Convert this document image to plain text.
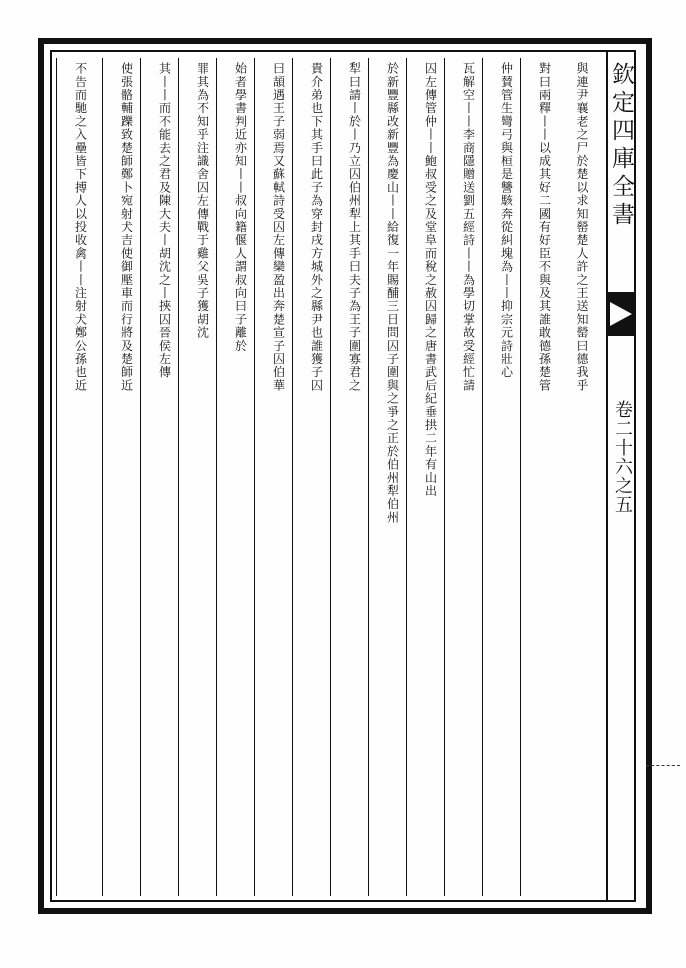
欽定四庫全書
卷二十六之五
與連尹襄老之尸於楚以求知罃楚人許之王送知罃曰德我乎
對曰兩釋丨丨以成其好二國有好臣不與及其誰敢德孫楚管
仲賛管生彎弓與桓是讐駭奔從糾塊為丨丨抑宗元詩壯心
瓦解空丨丨李商隱贈送劉五經詩丨丨為學切掌故受經忙請
囚左傳管仲丨丨鮑叔受之及堂阜而稅之赦囚歸之唐書武后紀垂拱二年有山出
於新豐縣改新豐為慶山丨丨給復一年賜酺三日問囚子圍與之爭之正於伯州犁伯州
犁曰請丨於丨乃立囚伯州犁上其手曰夫子為王子圍寡君之
貴介弟也下其手曰此子為穿封戌方城外之縣尹也誰獲子囚
曰頡遇王子弱焉又蘇軾詩受囚左傳欒盈出奔楚宣子囚伯華
始者學書判近亦知丨丨叔向籍偃人謂叔向曰子離於
罪其為不知乎注識舍囚左傳戰于雞父吳子獲胡沈
其丨丨而不能去之君及陳大夫丨胡沈之丨挾囚晉侯左傳
使張骼輔躒致楚師鄭卜宛射犬吉使御壓車而行將及楚師近
不告而馳之入壘皆下搏人以投收禽丨丨注射犬鄭公孫也近
